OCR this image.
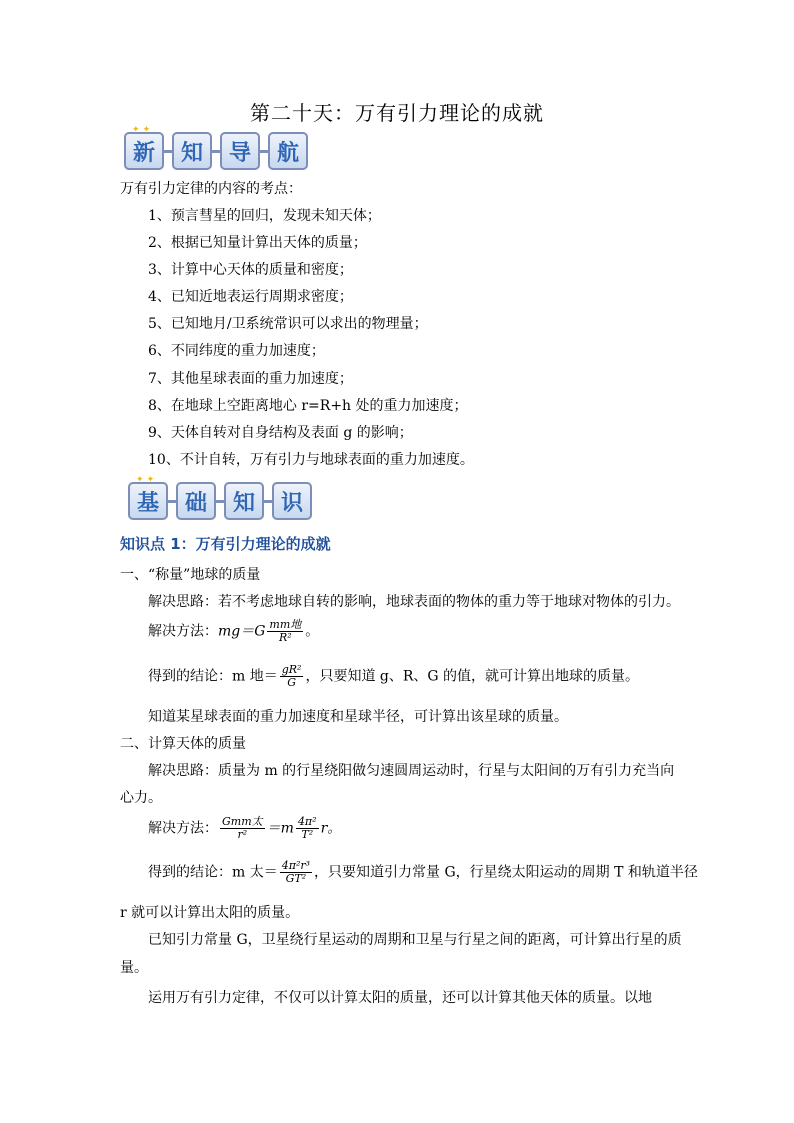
第二十天：万有引力理论的成就
✦ ✦
新 知 导 航
万有引力定律的内容的考点：
1、预言彗星的回归，发现未知天体；
2、根据已知量计算出天体的质量；
3、计算中心天体的质量和密度；
4、已知近地表运行周期求密度；
5、已知地月/卫系统常识可以求出的物理量；
6、不同纬度的重力加速度；
7、其他星球表面的重力加速度；
8、在地球上空距离地心 r=R+h 处的重力加速度；
9、天体自转对自身结构及表面 g 的影响；
10、不计自转，万有引力与地球表面的重力加速度。
✦ ✦
基 础 知 识
知识点 1：万有引力理论的成就
一、“称量”地球的质量
解决思路：若不考虑地球自转的影响，地球表面的物体的重力等于地球对物体的引力。
解决方法：$mg=G \frac{\text{mm地}}{\text{R²}}$ 。
得到的结论：m 地＝ $\frac{\text{gR²}}{G}$ ，只要知道 g、R、G 的值，就可计算出地球的质量。
知道某星球表面的重力加速度和星球半径，可计算出该星球的质量。
二、计算天体的质量
解决思路：质量为 m 的行星绕阳做匀速圆周运动时，行星与太阳间的万有引力充当向
心力。
解决方法： $\frac{\text{Gmm太}}{\text{r²}} =m \frac{\text{4π²}}{\text{T²}}$ r。
得到的结论：m 太＝ $\frac{\text{4π²r³}}{\text{GT²}}$ ，只要知道引力常量 G，行星绕太阳运动的周期 T 和轨道半径
r 就可以计算出太阳的质量。
已知引力常量 G，卫星绕行星运动的周期和卫星与行星之间的距离，可计算出行星的质
量。
运用万有引力定律，不仅可以计算太阳的质量，还可以计算其他天体的质量。以地
